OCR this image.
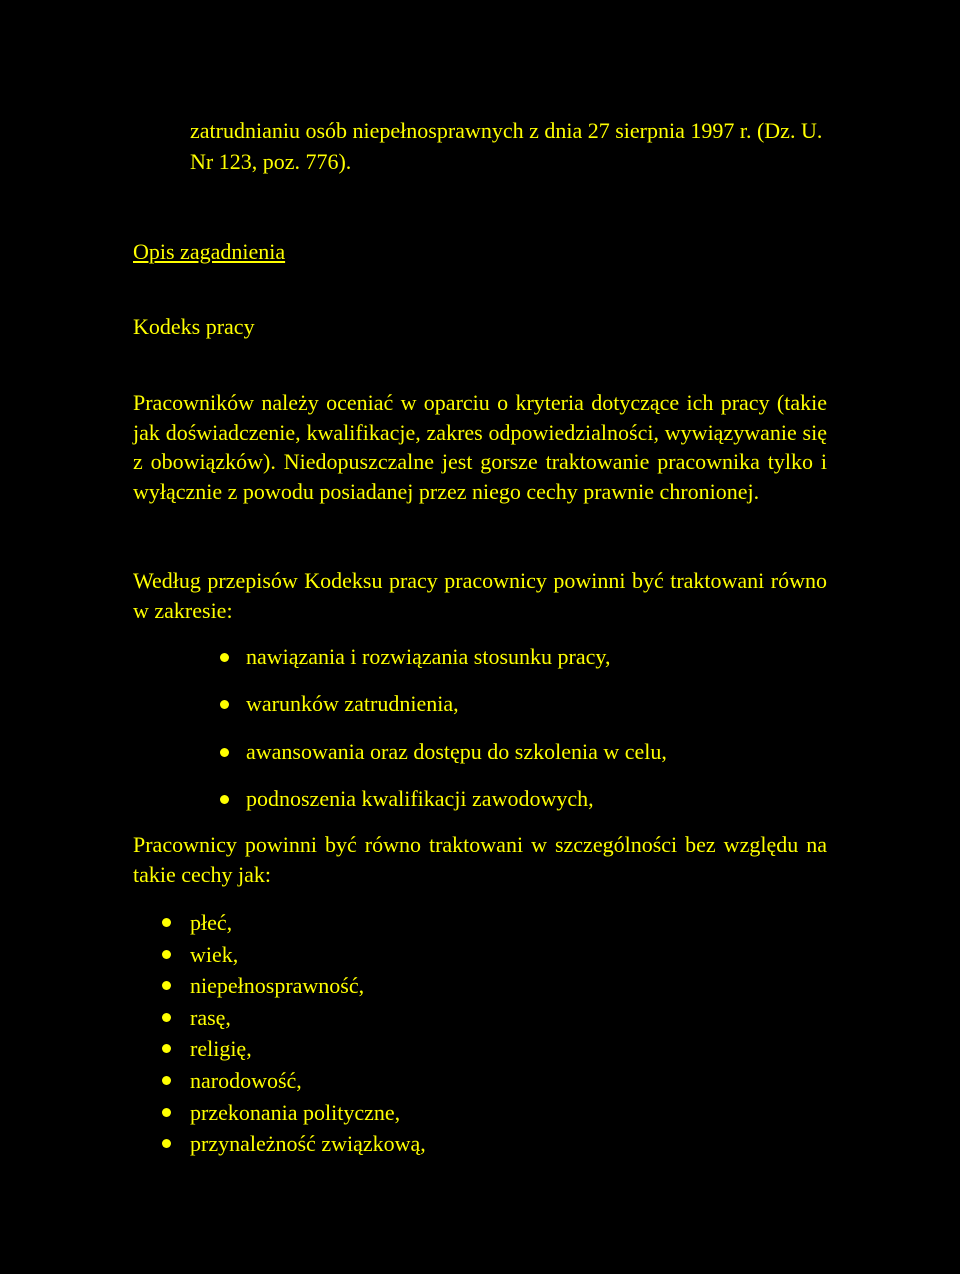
zatrudnianiu osób niepełnosprawnych z dnia 27 sierpnia 1997 r. (Dz. U. Nr 123, poz. 776).

Opis zagadnienia

Kodeks pracy

Pracowników należy oceniać w oparciu o kryteria dotyczące ich pracy (takie jak doświadczenie, kwalifikacje, zakres odpowiedzialności, wywiązywanie się z obowiązków). Niedopuszczalne jest gorsze traktowanie pracownika tylko i wyłącznie z powodu posiadanej przez niego cechy prawnie chronionej.

Według przepisów Kodeksu pracy pracownicy powinni być traktowani równo w zakresie:

nawiązania i rozwiązania stosunku pracy,
warunków zatrudnienia,
awansowania oraz dostępu do szkolenia w celu,
podnoszenia kwalifikacji zawodowych,

Pracownicy powinni być równo traktowani w szczególności bez względu na takie cechy jak:

płeć,
wiek,
niepełnosprawność,
rasę,
religię,
narodowość,
przekonania polityczne,
przynależność związkową,
